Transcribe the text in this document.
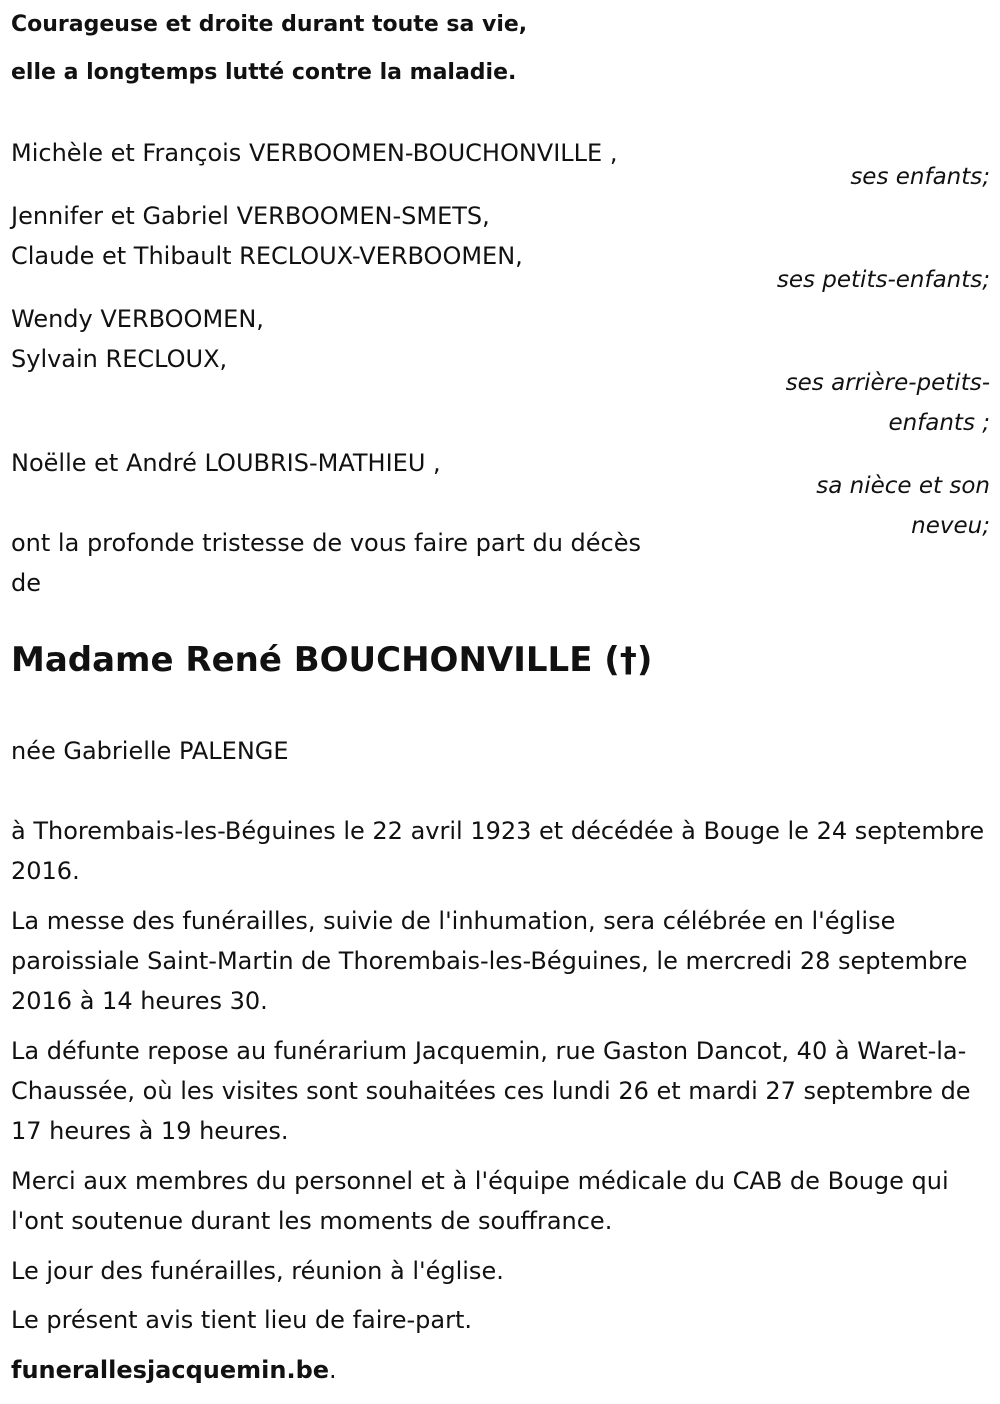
Courageuse et droite durant toute sa vie,
elle a longtemps lutté contre la maladie.
Michèle et François VERBOOMEN-BOUCHONVILLE ,
ses enfants;
Jennifer et Gabriel VERBOOMEN-SMETS,
Claude et Thibault RECLOUX-VERBOOMEN,
ses petits-enfants;
Wendy VERBOOMEN,
Sylvain RECLOUX,
ses arrière-petits-
enfants ;
Noëlle et André LOUBRIS-MATHIEU ,
sa nièce et son
neveu;
ont la profonde tristesse de vous faire part du décès
de
Madame René BOUCHONVILLE (†)
née Gabrielle PALENGE
à Thorembais-les-Béguines le 22 avril 1923 et décédée à Bouge le 24 septembre 2016.
La messe des funérailles, suivie de l'inhumation, sera célébrée en l'église paroissiale Saint-Martin de Thorembais-les-Béguines, le mercredi 28 septembre 2016 à 14 heures 30.
La défunte repose au funérarium Jacquemin, rue Gaston Dancot, 40 à Waret-la-Chaussée, où les visites sont souhaitées ces lundi 26 et mardi 27 septembre de 17 heures à 19 heures.
Merci aux membres du personnel et à l'équipe médicale du CAB de Bouge qui l'ont soutenue durant les moments de souffrance.
Le jour des funérailles, réunion à l'église.
Le présent avis tient lieu de faire-part.
funerallesjacquemin.be.
